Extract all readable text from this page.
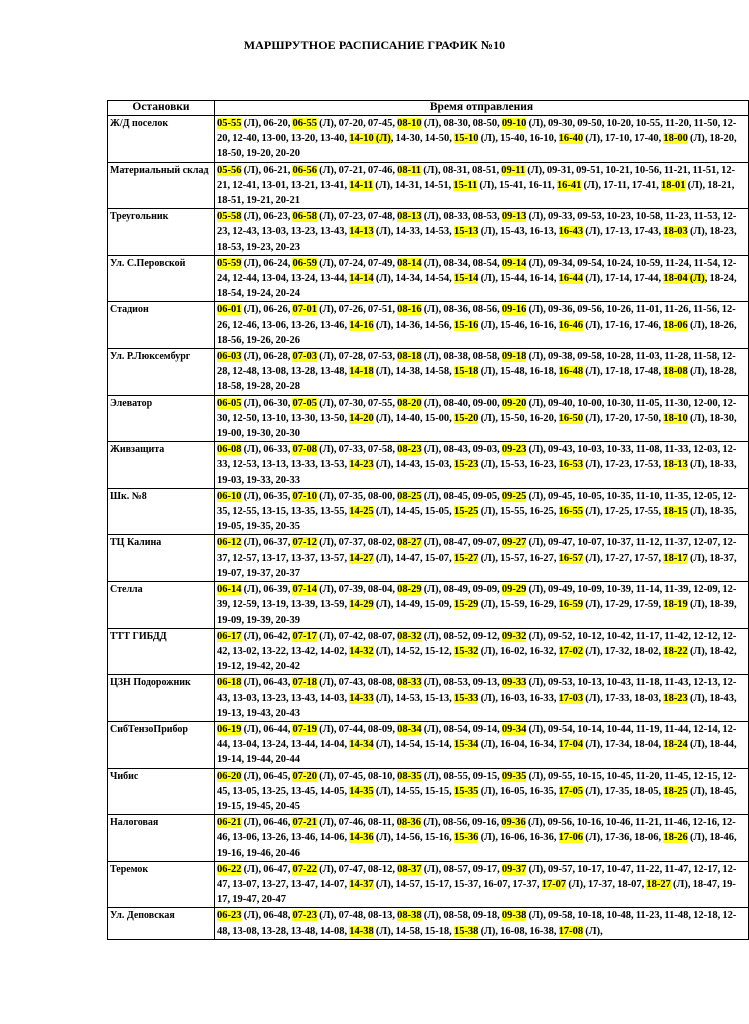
МАРШРУТНОЕ РАСПИСАНИЕ ГРАФИК №10
Остановки	Время отправления
Ж/Д поселок	05-55 (Л), 06-20, 06-55 (Л), 07-20, 07-45, 08-10 (Л), 08-30, 08-50, 09-10 (Л), 09-30, 09-50, 10-20, 10-55, 11-20, 11-50, 12-20, 12-40, 13-00, 13-20, 13-40, 14-10 (Л), 14-30, 14-50, 15-10 (Л), 15-40, 16-10, 16-40 (Л), 17-10, 17-40, 18-00 (Л), 18-20, 18-50, 19-20, 20-20
Материальный склад	05-56 (Л), 06-21, 06-56 (Л), 07-21, 07-46, 08-11 (Л), 08-31, 08-51, 09-11 (Л), 09-31, 09-51, 10-21, 10-56, 11-21, 11-51, 12-21, 12-41, 13-01, 13-21, 13-41, 14-11 (Л), 14-31, 14-51, 15-11 (Л), 15-41, 16-11, 16-41 (Л), 17-11, 17-41, 18-01 (Л), 18-21, 18-51, 19-21, 20-21
Треугольник	05-58 (Л), 06-23, 06-58 (Л), 07-23, 07-48, 08-13 (Л), 08-33, 08-53, 09-13 (Л), 09-33, 09-53, 10-23, 10-58, 11-23, 11-53, 12-23, 12-43, 13-03, 13-23, 13-43, 14-13 (Л), 14-33, 14-53, 15-13 (Л), 15-43, 16-13, 16-43 (Л), 17-13, 17-43, 18-03 (Л), 18-23, 18-53, 19-23, 20-23
Ул. С.Перовской	05-59 (Л), 06-24, 06-59 (Л), 07-24, 07-49, 08-14 (Л), 08-34, 08-54, 09-14 (Л), 09-34, 09-54, 10-24, 10-59, 11-24, 11-54, 12-24, 12-44, 13-04, 13-24, 13-44, 14-14 (Л), 14-34, 14-54, 15-14 (Л), 15-44, 16-14, 16-44 (Л), 17-14, 17-44, 18-04 (Л), 18-24, 18-54, 19-24, 20-24
Стадион	06-01 (Л), 06-26, 07-01 (Л), 07-26, 07-51, 08-16 (Л), 08-36, 08-56, 09-16 (Л), 09-36, 09-56, 10-26, 11-01, 11-26, 11-56, 12-26, 12-46, 13-06, 13-26, 13-46, 14-16 (Л), 14-36, 14-56, 15-16 (Л), 15-46, 16-16, 16-46 (Л), 17-16, 17-46, 18-06 (Л), 18-26, 18-56, 19-26, 20-26
Ул. Р.Люксембург	06-03 (Л), 06-28, 07-03 (Л), 07-28, 07-53, 08-18 (Л), 08-38, 08-58, 09-18 (Л), 09-38, 09-58, 10-28, 11-03, 11-28, 11-58, 12-28, 12-48, 13-08, 13-28, 13-48, 14-18 (Л), 14-38, 14-58, 15-18 (Л), 15-48, 16-18, 16-48 (Л), 17-18, 17-48, 18-08 (Л), 18-28, 18-58, 19-28, 20-28
Элеватор	06-05 (Л), 06-30, 07-05 (Л), 07-30, 07-55, 08-20 (Л), 08-40, 09-00, 09-20 (Л), 09-40, 10-00, 10-30, 11-05, 11-30, 12-00, 12-30, 12-50, 13-10, 13-30, 13-50, 14-20 (Л), 14-40, 15-00, 15-20 (Л), 15-50, 16-20, 16-50 (Л), 17-20, 17-50, 18-10 (Л), 18-30, 19-00, 19-30, 20-30
Живзащита	06-08 (Л), 06-33, 07-08 (Л), 07-33, 07-58, 08-23 (Л), 08-43, 09-03, 09-23 (Л), 09-43, 10-03, 10-33, 11-08, 11-33, 12-03, 12-33, 12-53, 13-13, 13-33, 13-53, 14-23 (Л), 14-43, 15-03, 15-23 (Л), 15-53, 16-23, 16-53 (Л), 17-23, 17-53, 18-13 (Л), 18-33, 19-03, 19-33, 20-33
Шк. №8	06-10 (Л), 06-35, 07-10 (Л), 07-35, 08-00, 08-25 (Л), 08-45, 09-05, 09-25 (Л), 09-45, 10-05, 10-35, 11-10, 11-35, 12-05, 12-35, 12-55, 13-15, 13-35, 13-55, 14-25 (Л), 14-45, 15-05, 15-25 (Л), 15-55, 16-25, 16-55 (Л), 17-25, 17-55, 18-15 (Л), 18-35, 19-05, 19-35, 20-35
ТЦ Калина	06-12 (Л), 06-37, 07-12 (Л), 07-37, 08-02, 08-27 (Л), 08-47, 09-07, 09-27 (Л), 09-47, 10-07, 10-37, 11-12, 11-37, 12-07, 12-37, 12-57, 13-17, 13-37, 13-57, 14-27 (Л), 14-47, 15-07, 15-27 (Л), 15-57, 16-27, 16-57 (Л), 17-27, 17-57, 18-17 (Л), 18-37, 19-07, 19-37, 20-37
Стелла	06-14 (Л), 06-39, 07-14 (Л), 07-39, 08-04, 08-29 (Л), 08-49, 09-09, 09-29 (Л), 09-49, 10-09, 10-39, 11-14, 11-39, 12-09, 12-39, 12-59, 13-19, 13-39, 13-59, 14-29 (Л), 14-49, 15-09, 15-29 (Л), 15-59, 16-29, 16-59 (Л), 17-29, 17-59, 18-19 (Л), 18-39, 19-09, 19-39, 20-39
ТТТ ГИБДД	06-17 (Л), 06-42, 07-17 (Л), 07-42, 08-07, 08-32 (Л), 08-52, 09-12, 09-32 (Л), 09-52, 10-12, 10-42, 11-17, 11-42, 12-12, 12-42, 13-02, 13-22, 13-42, 14-02, 14-32 (Л), 14-52, 15-12, 15-32 (Л), 16-02, 16-32, 17-02 (Л), 17-32, 18-02, 18-22 (Л), 18-42, 19-12, 19-42, 20-42
ЦЗН Подорожник	06-18 (Л), 06-43, 07-18 (Л), 07-43, 08-08, 08-33 (Л), 08-53, 09-13, 09-33 (Л), 09-53, 10-13, 10-43, 11-18, 11-43, 12-13, 12-43, 13-03, 13-23, 13-43, 14-03, 14-33 (Л), 14-53, 15-13, 15-33 (Л), 16-03, 16-33, 17-03 (Л), 17-33, 18-03, 18-23 (Л), 18-43, 19-13, 19-43, 20-43
СибТензоПрибор	06-19 (Л), 06-44, 07-19 (Л), 07-44, 08-09, 08-34 (Л), 08-54, 09-14, 09-34 (Л), 09-54, 10-14, 10-44, 11-19, 11-44, 12-14, 12-44, 13-04, 13-24, 13-44, 14-04, 14-34 (Л), 14-54, 15-14, 15-34 (Л), 16-04, 16-34, 17-04 (Л), 17-34, 18-04, 18-24 (Л), 18-44, 19-14, 19-44, 20-44
Чибис	06-20 (Л), 06-45, 07-20 (Л), 07-45, 08-10, 08-35 (Л), 08-55, 09-15, 09-35 (Л), 09-55, 10-15, 10-45, 11-20, 11-45, 12-15, 12-45, 13-05, 13-25, 13-45, 14-05, 14-35 (Л), 14-55, 15-15, 15-35 (Л), 16-05, 16-35, 17-05 (Л), 17-35, 18-05, 18-25 (Л), 18-45, 19-15, 19-45, 20-45
Налоговая	06-21 (Л), 06-46, 07-21 (Л), 07-46, 08-11, 08-36 (Л), 08-56, 09-16, 09-36 (Л), 09-56, 10-16, 10-46, 11-21, 11-46, 12-16, 12-46, 13-06, 13-26, 13-46, 14-06, 14-36 (Л), 14-56, 15-16, 15-36 (Л), 16-06, 16-36, 17-06 (Л), 17-36, 18-06, 18-26 (Л), 18-46, 19-16, 19-46, 20-46
Теремок	06-22 (Л), 06-47, 07-22 (Л), 07-47, 08-12, 08-37 (Л), 08-57, 09-17, 09-37 (Л), 09-57, 10-17, 10-47, 11-22, 11-47, 12-17, 12-47, 13-07, 13-27, 13-47, 14-07, 14-37 (Л), 14-57, 15-17, 15-37, 16-07, 17-37, 17-07 (Л), 17-37, 18-07, 18-27 (Л), 18-47, 19-17, 19-47, 20-47
Ул. Деповская	06-23 (Л), 06-48, 07-23 (Л), 07-48, 08-13, 08-38 (Л), 08-58, 09-18, 09-38 (Л), 09-58, 10-18, 10-48, 11-23, 11-48, 12-18, 12-48, 13-08, 13-28, 13-48, 14-08, 14-38 (Л), 14-58, 15-18, 15-38 (Л), 16-08, 16-38, 17-08 (Л),
